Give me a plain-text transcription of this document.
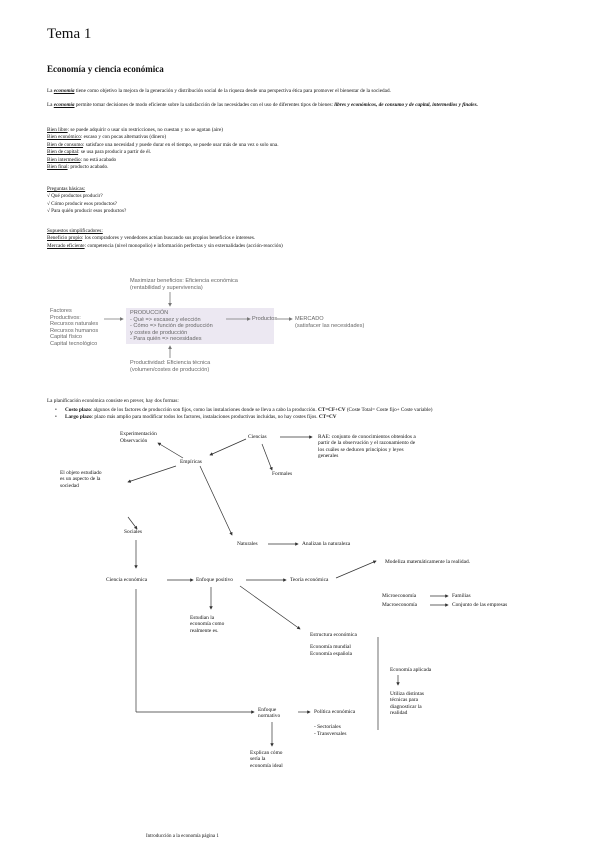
Tema 1
Economía y ciencia económica

La economía tiene como objetivo la mejora de la generación y distribución social de la riqueza desde una perspectiva ética para promover el bienestar de la sociedad.

La economía permite tomar decisiones de modo eficiente sobre la satisfacción de las necesidades con el uso de diferentes tipos de bienes: libres y económicos, de consumo y de capital, intermedios y finales.

Bien libre: se puede adquirir o usar sin restricciones, no cuestan y no se agotan (aire)
Bien económico: escaso y con pocas alternativas (dinero)
Bien de consumo: satisface una necesidad y puede durar en el tiempo, se puede usar más de una vez o solo una.
Bien de capital: se usa para producir a partir de él.
Bien intermedio: no está acabado
Bien final: producto acabado.
Preguntas básicas:
√ Qué productos producir?
√ Cómo producir esos productos?
√ Para quién producir esos productos?
Supuestos simplificadores:
Beneficio propio: los compradores y vendedores actúan buscando sus propios beneficios e intereses.
Mercado eficiente: competencia (nivel monopolio) e información perfectas y sin externalidades (acción-reacción)
Maximizar beneficios: Eficiencia económica
(rentabilidad y supervivencia)
Factores
Productivos:
Recursos naturales
Recursos humanos
Capital físico
Capital tecnológico
PRODUCCIÓN
- Qué => escasez y elección
- Cómo => función de producción
y costes de producción
- Para quién => necesidades
Productos	MERCADO
(satisfacer las necesidades)
Productividad: Eficiencia técnica
(volumen/costes de producción)

La planificación económica consiste en prever, hay dos formas:

• Costo plazo: algunos de los factores de producción son fijos, como las instalaciones donde se lleva a cabo la producción. CT=CF+CV (Coste Total= Coste fijo+ Coste variable)
• Largo plazo: plazo más amplio para modificar todos los factores, instalaciones productivas incluidas, no hay costes fijos. CT=CV
Experimentación
Observación
Ciencias	RAE: conjunto de conocimientos obtenidos a
partir de la observación y el razonamiento de
los cuáles se deducen principios y leyes
generales
Empíricas
Formales
El objeto estudiado
es un aspecto de la
sociedad
Sociales
Naturales	Analizan la naturaleza
Modeliza matemáticamente la realidad.
Ciencia económica	Enfoque positivo	Teoría económica
Microeconomía	Familias
Macroeconomía	Conjunto de las empresas
Estudian la
economía como
realmente es.
Estructura económica
Economía mundial
Economía española
Economía aplicada
Utiliza distintas
técnicas para
diagnosticar la
realidad
Enfoque
normativo
Política económica
- Sectoriales
- Transversales
Explican cómo
sería la
economía ideal
Introducción a la economía página 1
